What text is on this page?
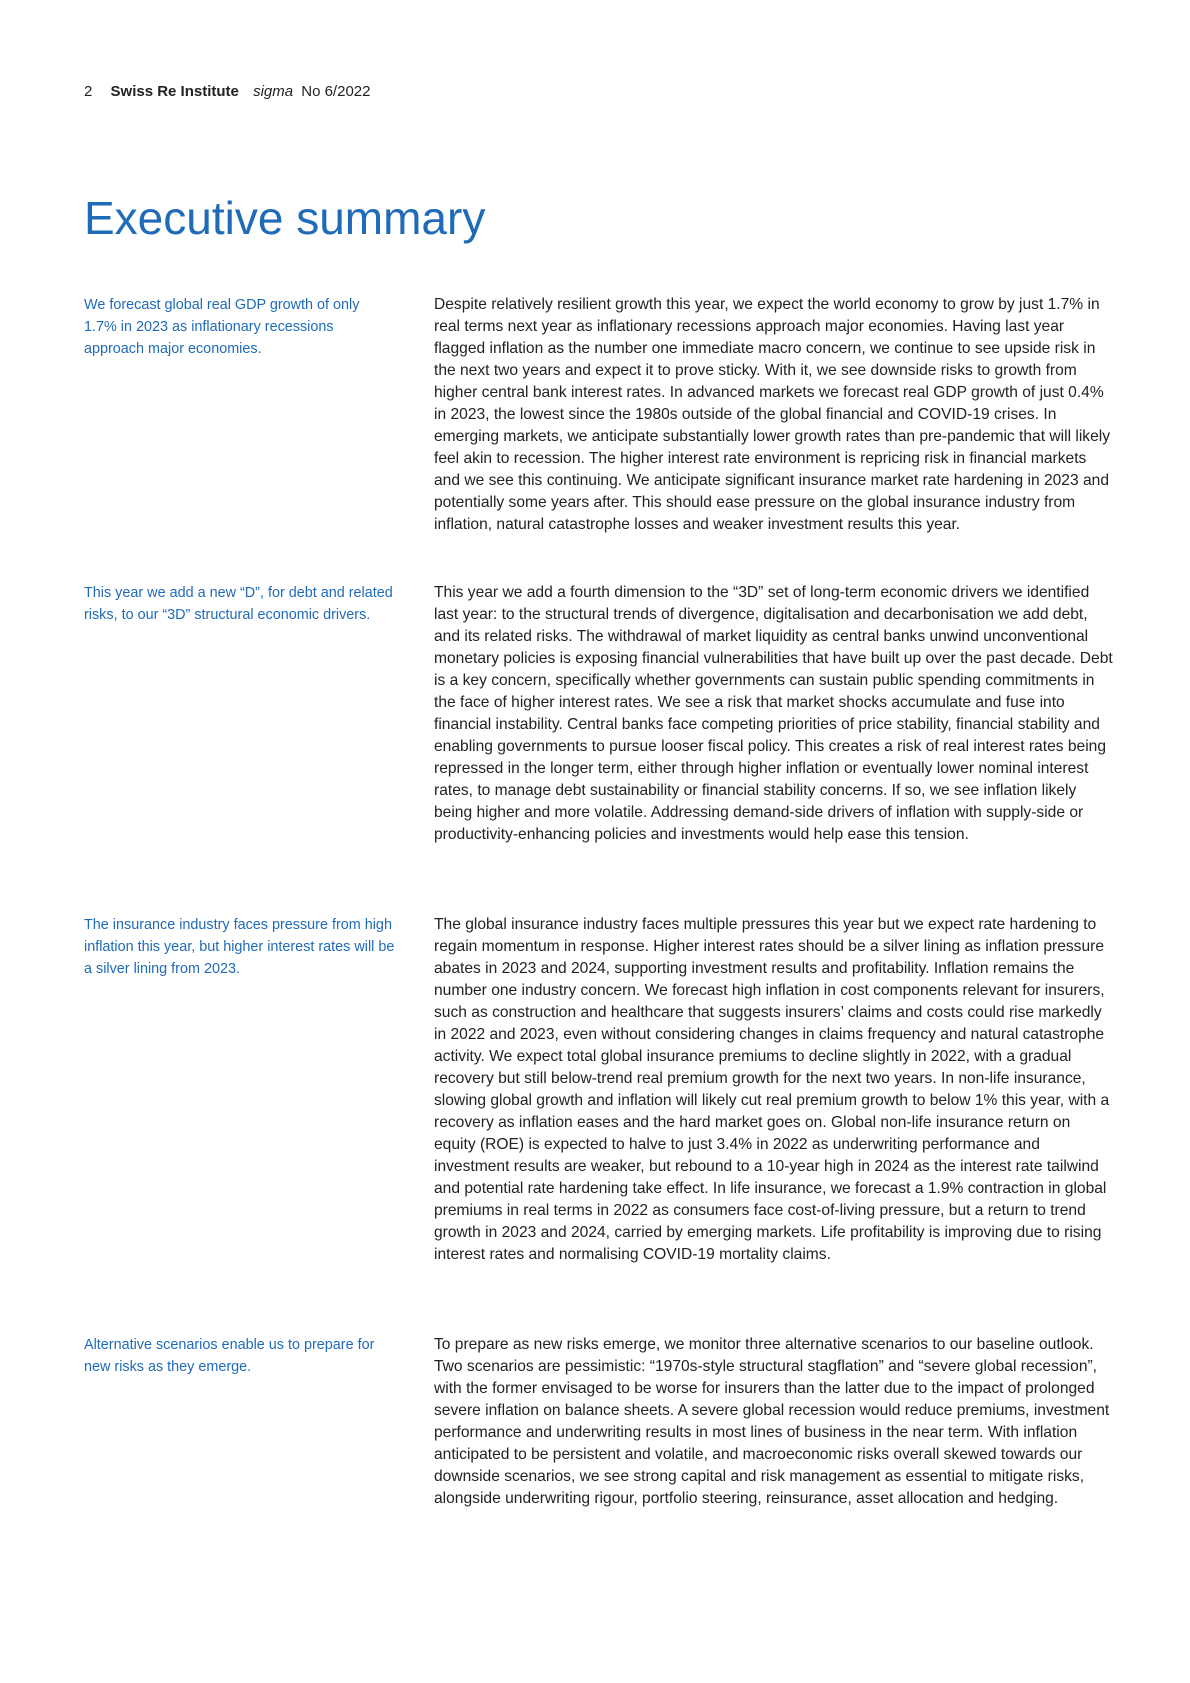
2 Swiss Re Institute sigma No 6/2022
Executive summary

We forecast global real GDP growth of only 1.7% in 2023 as inflationary recessions approach major economies.

Despite relatively resilient growth this year, we expect the world economy to grow by just 1.7% in real terms next year as inflationary recessions approach major economies. Having last year flagged inflation as the number one immediate macro concern, we continue to see upside risk in the next two years and expect it to prove sticky. With it, we see downside risks to growth from higher central bank interest rates. In advanced markets we forecast real GDP growth of just 0.4% in 2023, the lowest since the 1980s outside of the global financial and COVID-19 crises. In emerging markets, we anticipate substantially lower growth rates than pre-pandemic that will likely feel akin to recession. The higher interest rate environment is repricing risk in financial markets and we see this continuing. We anticipate significant insurance market rate hardening in 2023 and potentially some years after. This should ease pressure on the global insurance industry from inflation, natural catastrophe losses and weaker investment results this year.

This year we add a new “D”, for debt and related risks, to our “3D” structural economic drivers.

This year we add a fourth dimension to the “3D” set of long-term economic drivers we identified last year: to the structural trends of divergence, digitalisation and decarbonisation we add debt, and its related risks. The withdrawal of market liquidity as central banks unwind unconventional monetary policies is exposing financial vulnerabilities that have built up over the past decade. Debt is a key concern, specifically whether governments can sustain public spending commitments in the face of higher interest rates. We see a risk that market shocks accumulate and fuse into financial instability. Central banks face competing priorities of price stability, financial stability and enabling governments to pursue looser fiscal policy. This creates a risk of real interest rates being repressed in the longer term, either through higher inflation or eventually lower nominal interest rates, to manage debt sustainability or financial stability concerns. If so, we see inflation likely being higher and more volatile. Addressing demand-side drivers of inflation with supply-side or productivity-enhancing policies and investments would help ease this tension.

The insurance industry faces pressure from high inflation this year, but higher interest rates will be a silver lining from 2023.

The global insurance industry faces multiple pressures this year but we expect rate hardening to regain momentum in response. Higher interest rates should be a silver lining as inflation pressure abates in 2023 and 2024, supporting investment results and profitability. Inflation remains the number one industry concern. We forecast high inflation in cost components relevant for insurers, such as construction and healthcare that suggests insurers’ claims and costs could rise markedly in 2022 and 2023, even without considering changes in claims frequency and natural catastrophe activity. We expect total global insurance premiums to decline slightly in 2022, with a gradual recovery but still below-trend real premium growth for the next two years. In non-life insurance, slowing global growth and inflation will likely cut real premium growth to below 1% this year, with a recovery as inflation eases and the hard market goes on. Global non-life insurance return on equity (ROE) is expected to halve to just 3.4% in 2022 as underwriting performance and investment results are weaker, but rebound to a 10-year high in 2024 as the interest rate tailwind and potential rate hardening take effect. In life insurance, we forecast a 1.9% contraction in global premiums in real terms in 2022 as consumers face cost-of-living pressure, but a return to trend growth in 2023 and 2024, carried by emerging markets. Life profitability is improving due to rising interest rates and normalising COVID-19 mortality claims.

Alternative scenarios enable us to prepare for new risks as they emerge.

To prepare as new risks emerge, we monitor three alternative scenarios to our baseline outlook. Two scenarios are pessimistic: “1970s-style structural stagflation” and “severe global recession”, with the former envisaged to be worse for insurers than the latter due to the impact of prolonged severe inflation on balance sheets. A severe global recession would reduce premiums, investment performance and underwriting results in most lines of business in the near term. With inflation anticipated to be persistent and volatile, and macroeconomic risks overall skewed towards our downside scenarios, we see strong capital and risk management as essential to mitigate risks, alongside underwriting rigour, portfolio steering, reinsurance, asset allocation and hedging.
